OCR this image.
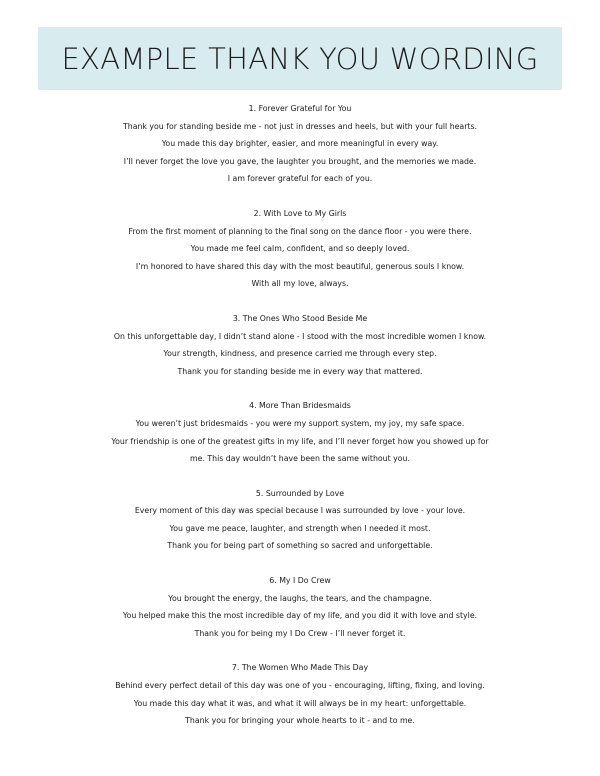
EXAMPLE THANK YOU WORDING
1. Forever Grateful for You
Thank you for standing beside me - not just in dresses and heels, but with your full hearts.
You made this day brighter, easier, and more meaningful in every way.
I’ll never forget the love you gave, the laughter you brought, and the memories we made.
I am forever grateful for each of you.
2. With Love to My Girls
From the first moment of planning to the final song on the dance floor - you were there.
You made me feel calm, confident, and so deeply loved.
I’m honored to have shared this day with the most beautiful, generous souls I know.
With all my love, always.
3. The Ones Who Stood Beside Me
On this unforgettable day, I didn’t stand alone - I stood with the most incredible women I know.
Your strength, kindness, and presence carried me through every step.
Thank you for standing beside me in every way that mattered.
4. More Than Bridesmaids
You weren’t just bridesmaids - you were my support system, my joy, my safe space.
Your friendship is one of the greatest gifts in my life, and I’ll never forget how you showed up for
me. This day wouldn’t have been the same without you.
5. Surrounded by Love
Every moment of this day was special because I was surrounded by love - your love.
You gave me peace, laughter, and strength when I needed it most.
Thank you for being part of something so sacred and unforgettable.
6. My I Do Crew
You brought the energy, the laughs, the tears, and the champagne.
You helped make this the most incredible day of my life, and you did it with love and style.
Thank you for being my I Do Crew - I’ll never forget it.
7. The Women Who Made This Day
Behind every perfect detail of this day was one of you - encouraging, lifting, fixing, and loving.
You made this day what it was, and what it will always be in my heart: unforgettable.
Thank you for bringing your whole hearts to it - and to me.
